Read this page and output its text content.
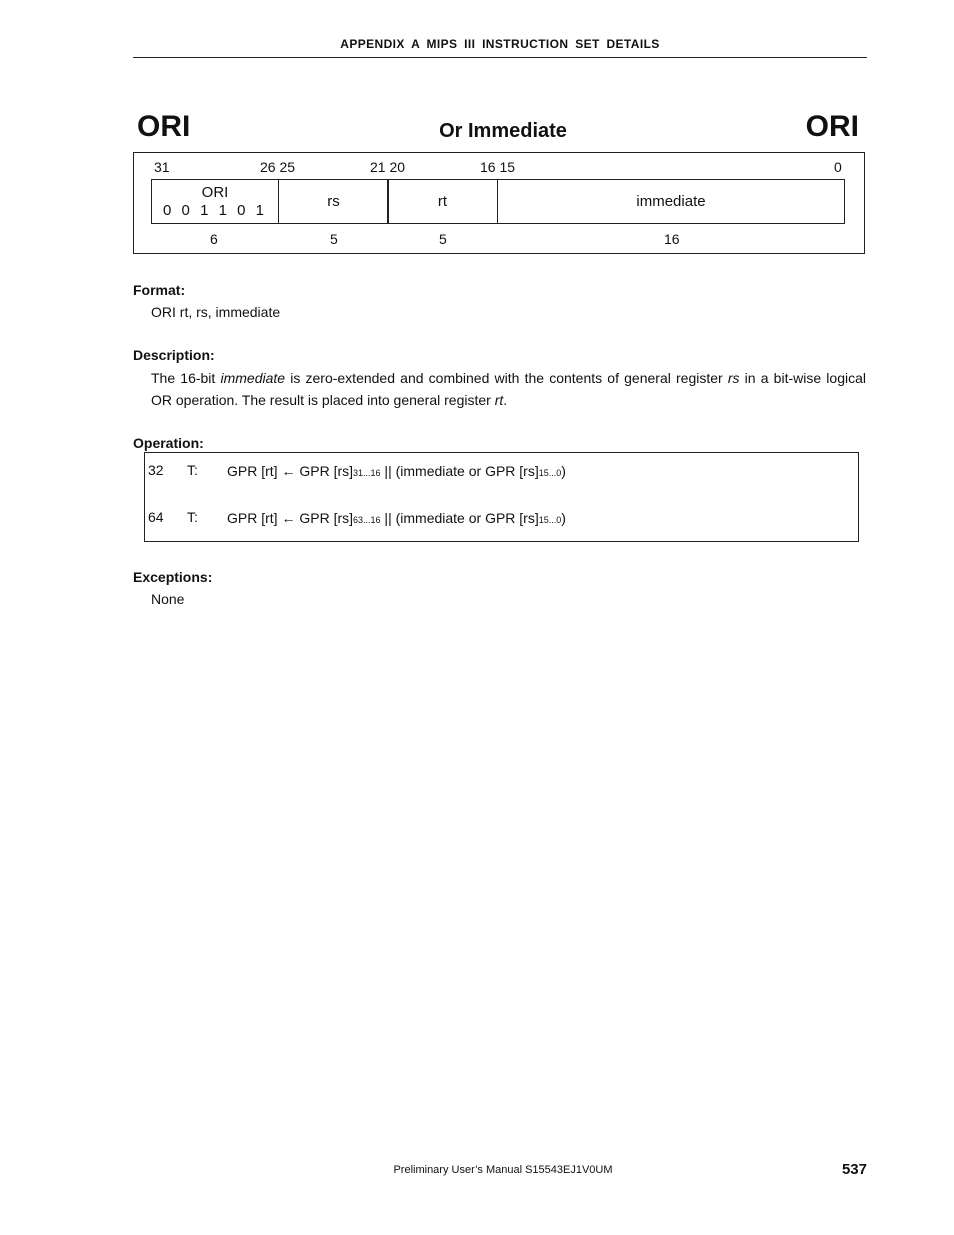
APPENDIX A MIPS III INSTRUCTION SET DETAILS
ORI	Or Immediate	ORI
31	26 25	21 20	16 15	0
ORI
0 0 1 1 0 1
rs	rt	immediate
6	5	5	16
Format:
ORI rt, rs, immediate
Description:
The 16-bit immediate is zero-extended and combined with the contents of general register rs in a bit-wise logical OR operation. The result is placed into general register rt.
Operation:
32 T: GPR [rt] ← GPR [rs]31...16 || (immediate or GPR [rs]15...0)
64 T: GPR [rt] ← GPR [rs]63...16 || (immediate or GPR [rs]15...0)
Exceptions:
None
Preliminary User’s Manual S15543EJ1V0UM	537
